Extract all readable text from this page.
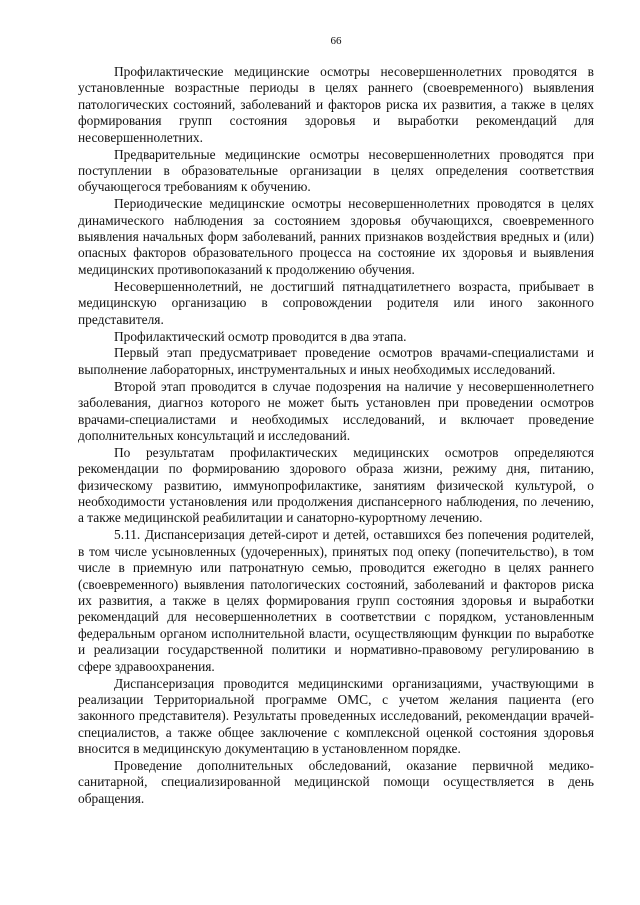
66

Профилактические медицинские осмотры несовершеннолетних проводятся в установленные возрастные периоды в целях раннего (своевременного) выявления патологических состояний, заболеваний и факторов риска их развития, а также в целях формирования групп состояния здоровья и выработки рекомендаций для несовершеннолетних.

Предварительные медицинские осмотры несовершеннолетних проводятся при поступлении в образовательные организации в целях определения соответствия обучающегося требованиям к обучению.

Периодические медицинские осмотры несовершеннолетних проводятся в целях динамического наблюдения за состоянием здоровья обучающихся, своевременного выявления начальных форм заболеваний, ранних признаков воздействия вредных и (или) опасных факторов образовательного процесса на состояние их здоровья и выявления медицинских противопоказаний к продолжению обучения.

Несовершеннолетний, не достигший пятнадцатилетнего возраста, прибывает в медицинскую организацию в сопровождении родителя или иного законного представителя.

Профилактический осмотр проводится в два этапа.

Первый этап предусматривает проведение осмотров врачами-специалистами и выполнение лабораторных, инструментальных и иных необходимых исследований.

Второй этап проводится в случае подозрения на наличие у несовершеннолетнего заболевания, диагноз которого не может быть установлен при проведении осмотров врачами-специалистами и необходимых исследований, и включает проведение дополнительных консультаций и исследований.

По результатам профилактических медицинских осмотров определяются рекомендации по формированию здорового образа жизни, режиму дня, питанию, физическому развитию, иммунопрофилактике, занятиям физической культурой, о необходимости установления или продолжения диспансерного наблюдения, по лечению, а также медицинской реабилитации и санаторно-курортному лечению.

5.11. Диспансеризация детей-сирот и детей, оставшихся без попечения родителей, в том числе усыновленных (удочеренных), принятых под опеку (попечительство), в том числе в приемную или патронатную семью, проводится ежегодно в целях раннего (своевременного) выявления патологических состояний, заболеваний и факторов риска их развития, а также в целях формирования групп состояния здоровья и выработки рекомендаций для несовершеннолетних в соответствии с порядком, установленным федеральным органом исполнительной власти, осуществляющим функции по выработке и реализации государственной политики и нормативно-правовому регулированию в сфере здравоохранения.

Диспансеризация проводится медицинскими организациями, участвующими в реализации Территориальной программе ОМС, с учетом желания пациента (его законного представителя). Результаты проведенных исследований, рекомендации врачей-специалистов, а также общее заключение с комплексной оценкой состояния здоровья вносится в медицинскую документацию в установленном порядке.

Проведение дополнительных обследований, оказание первичной медико-санитарной, специализированной медицинской помощи осуществляется в день обращения.
